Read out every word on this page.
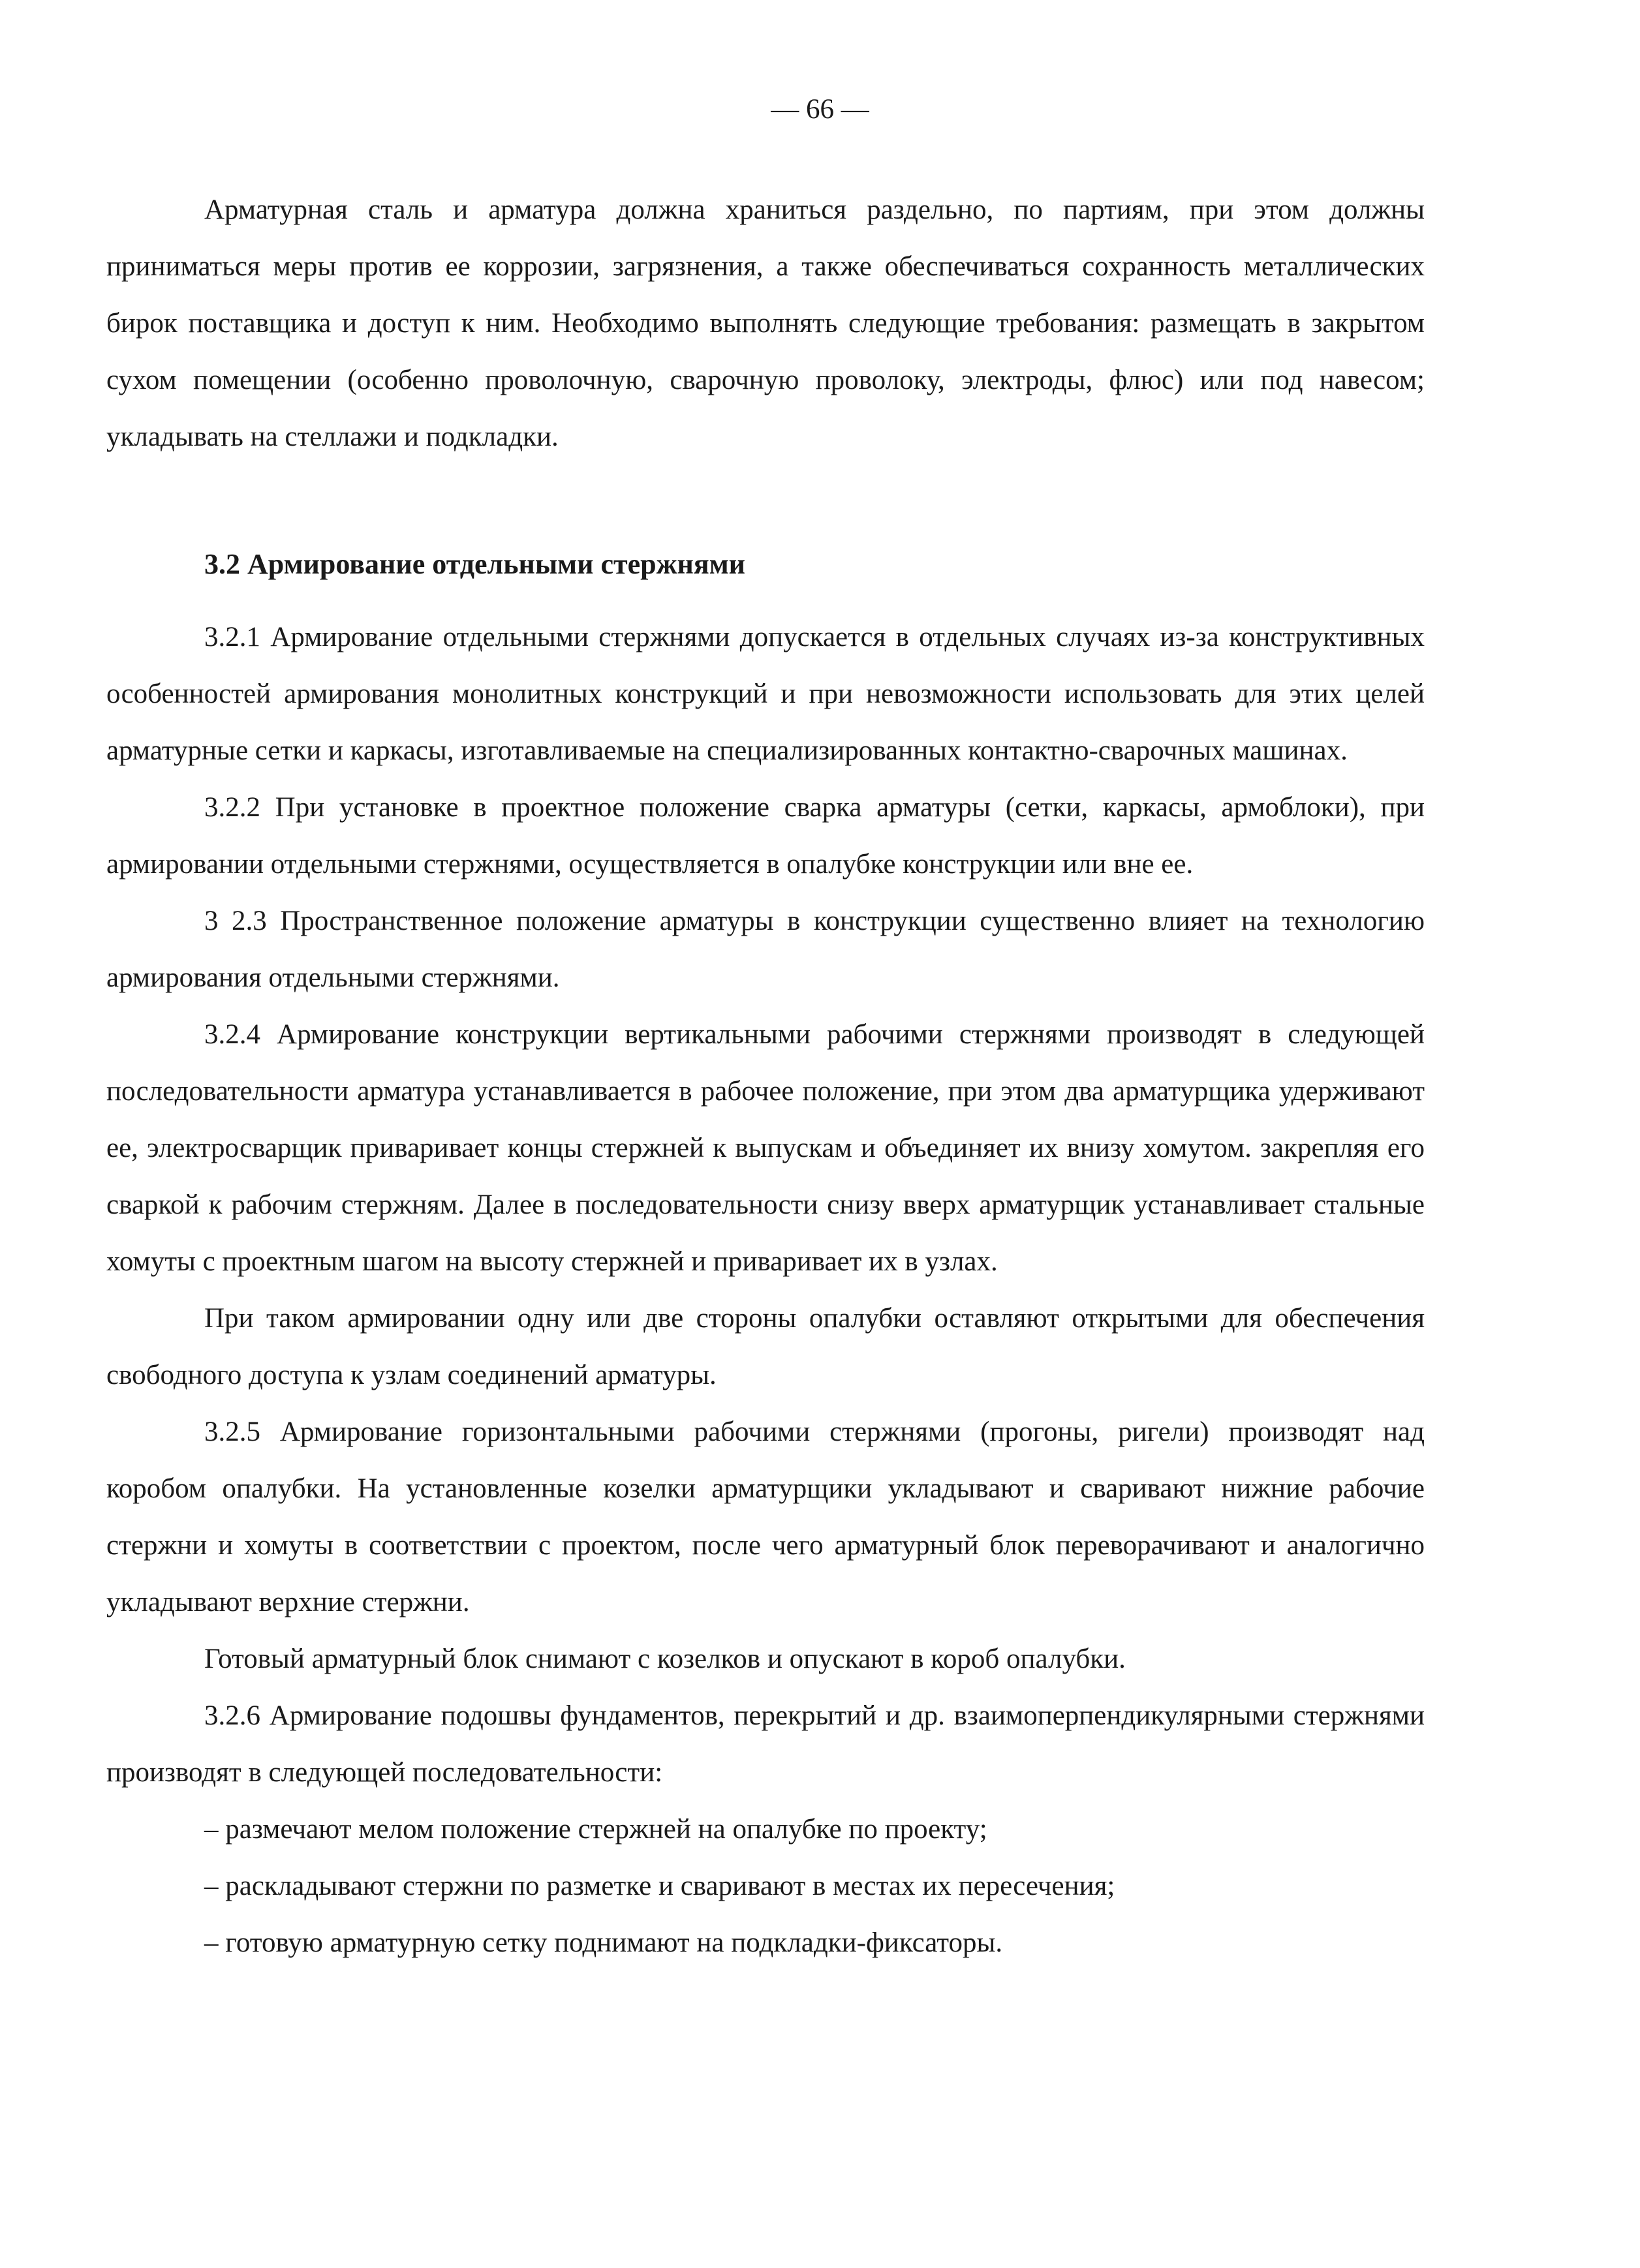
— 66 —

Арматурная сталь и арматура должна храниться раздельно, по партиям, при этом должны приниматься меры против ее коррозии, загрязнения, а также обеспечиваться сохранность металлических бирок поставщика и доступ к ним. Необходимо выполнять следующие требования: размещать в закрытом сухом помещении (особенно проволочную, сварочную проволоку, электроды, флюс) или под навесом; укладывать на стеллажи и подкладки.

3.2 Армирование отдельными стержнями

3.2.1 Армирование отдельными стержнями допускается в отдельных случаях из-за конструктивных особенностей армирования монолитных конструкций и при невозможности использовать для этих целей арматурные сетки и каркасы, изготавливаемые на специализированных контактно-сварочных машинах.

3.2.2 При установке в проектное положение сварка арматуры (сетки, каркасы, армоблоки), при армировании отдельными стержнями, осуществляется в опалубке конструкции или вне ее.

3 2.3 Пространственное положение арматуры в конструкции существенно влияет на технологию армирования отдельными стержнями.

3.2.4 Армирование конструкции вертикальными рабочими стержнями производят в следующей последовательности арматура устанавливается в рабочее положение, при этом два арматурщика удерживают ее, электросварщик приваривает концы стержней к выпускам и объединяет их внизу хомутом. закрепляя его сваркой к рабочим стержням. Далее в последовательности снизу вверх арматурщик устанавливает стальные хомуты с проектным шагом на высоту стержней и приваривает их в узлах.

При таком армировании одну или две стороны опалубки оставляют открытыми для обеспечения свободного доступа к узлам соединений арматуры.

3.2.5 Армирование горизонтальными рабочими стержнями (прогоны, ригели) производят над коробом опалубки. На установленные козелки арматурщики укладывают и сваривают нижние рабочие стержни и хомуты в соответствии с проектом, после чего арматурный блок переворачивают и аналогично укладывают верхние стержни.

Готовый арматурный блок снимают с козелков и опускают в короб опалубки.

3.2.6 Армирование подошвы фундаментов, перекрытий и др. взаимоперпендикулярными стержнями производят в следующей последовательности:

– размечают мелом положение стержней на опалубке по проекту;

– раскладывают стержни по разметке и сваривают в местах их пересечения;

– готовую арматурную сетку поднимают на подкладки-фиксаторы.
